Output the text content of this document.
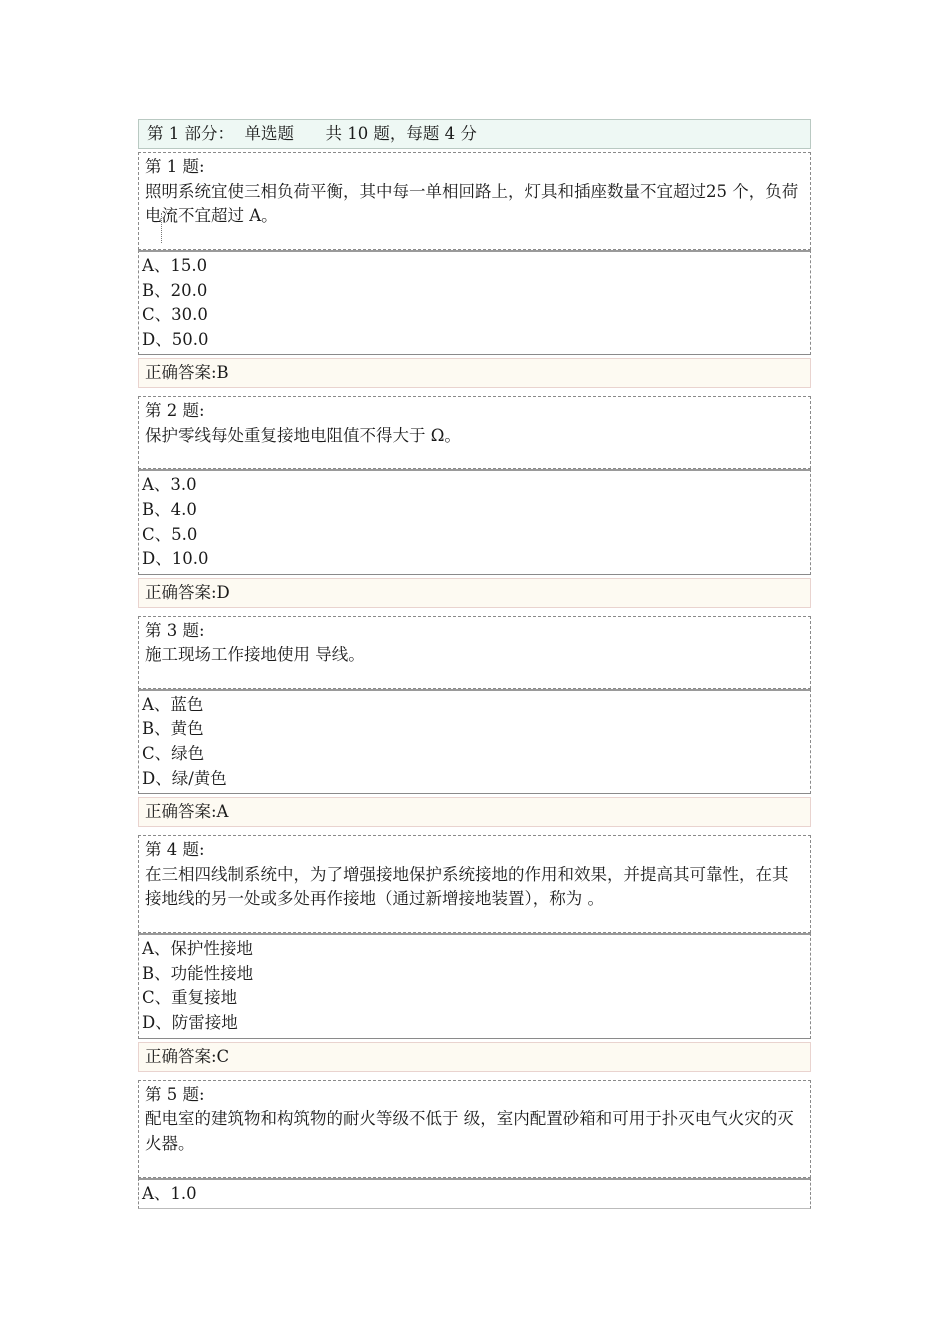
第 1 部分：  单选题      共 10 题，每题 4 分
第 1 题:
照明系统宜使三相负荷平衡，其中每一单相回路上，灯具和插座数量不宜超过25 个，负荷电流不宜超过 A。
A、15.0
B、20.0
C、30.0
D、50.0
正确答案:B
第 2 题:
保护零线每处重复接地电阻值不得大于 Ω。
A、3.0
B、4.0
C、5.0
D、10.0
正确答案:D
第 3 题:
施工现场工作接地使用 导线。
A、蓝色
B、黄色
C、绿色
D、绿/黄色
正确答案:A
第 4 题:
在三相四线制系统中，为了增强接地保护系统接地的作用和效果，并提高其可靠性，在其接地线的另一处或多处再作接地（通过新增接地装置），称为 。
A、保护性接地
B、功能性接地
C、重复接地
D、防雷接地
正确答案:C
第 5 题:
配电室的建筑物和构筑物的耐火等级不低于 级，室内配置砂箱和可用于扑灭电气火灾的灭火器。
A、1.0
